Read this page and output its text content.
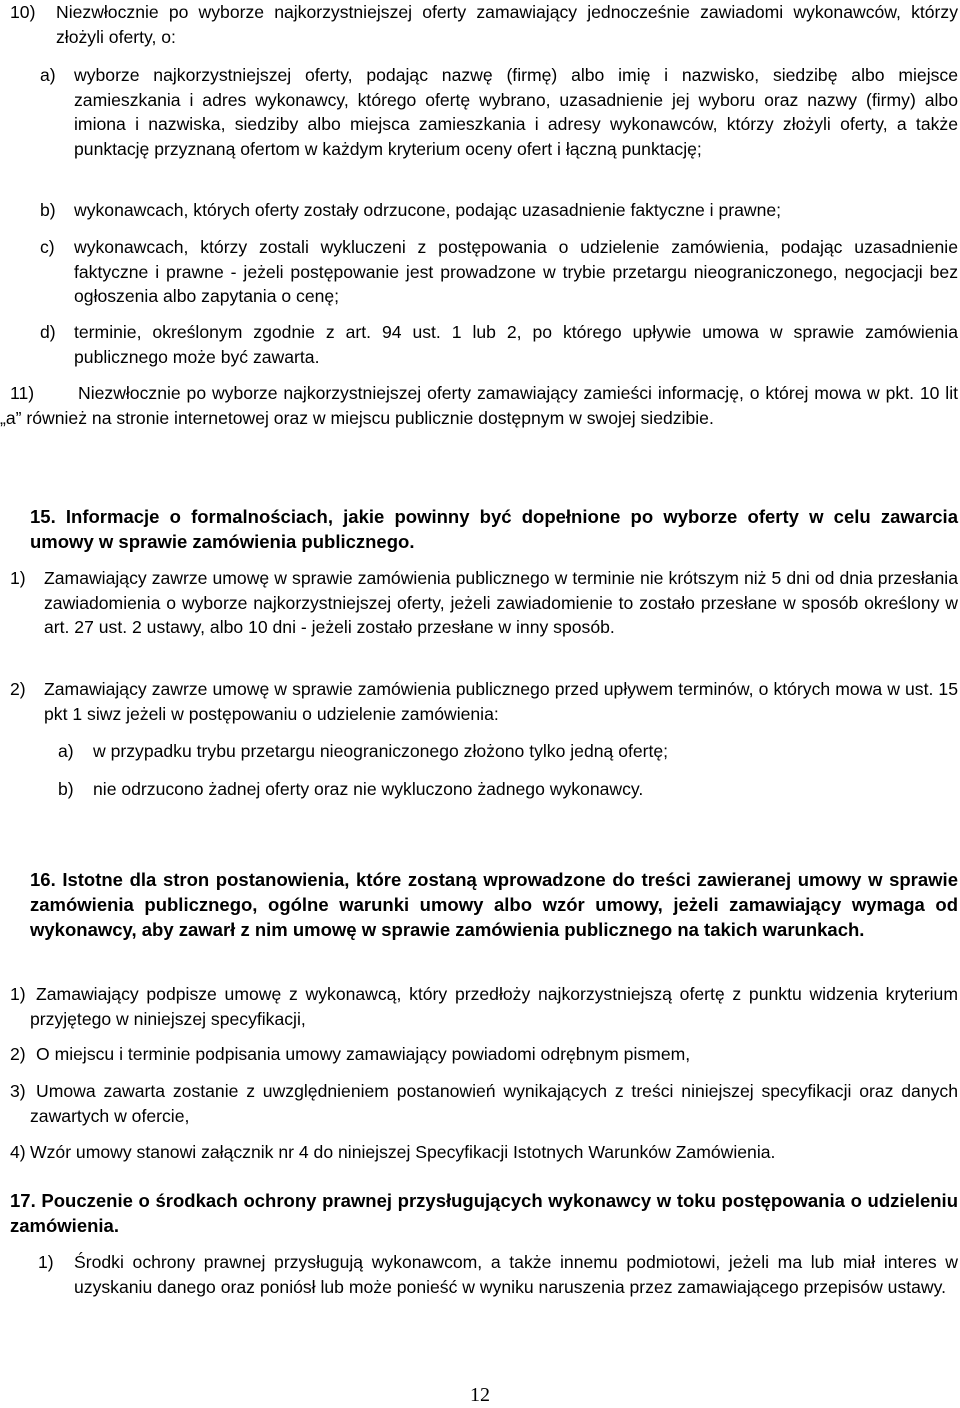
10) Niezwłocznie po wyborze najkorzystniejszej oferty zamawiający jednocześnie zawiadomi wykonawców, którzy złożyli oferty, o:

a) wyborze najkorzystniejszej oferty, podając nazwę (firmę) albo imię i nazwisko, siedzibę albo miejsce zamieszkania i adres wykonawcy, którego ofertę wybrano, uzasadnienie jej wyboru oraz nazwy (firmy) albo imiona i nazwiska, siedziby albo miejsca zamieszkania i adresy wykonawców, którzy złożyli oferty, a także punktację przyznaną ofertom w każdym kryterium oceny ofert i łączną punktację;

b) wykonawcach, których oferty zostały odrzucone, podając uzasadnienie faktyczne i prawne;

c) wykonawcach, którzy zostali wykluczeni z postępowania o udzielenie zamówienia, podając uzasadnienie faktyczne i prawne - jeżeli postępowanie jest prowadzone w trybie przetargu nieograniczonego, negocjacji bez ogłoszenia albo zapytania o cenę;

d) terminie, określonym zgodnie z art. 94 ust. 1 lub 2, po którego upływie umowa w sprawie zamówienia publicznego może być zawarta.

11)	Niezwłocznie po wyborze najkorzystniejszej oferty zamawiający zamieści informację, o której mowa w pkt. 10 lit „a” również na stronie internetowej oraz w miejscu publicznie dostępnym w swojej siedzibie.

15. Informacje o formalnościach, jakie powinny być dopełnione po wyborze oferty w celu zawarcia umowy w sprawie zamówienia publicznego.

1) Zamawiający zawrze umowę w sprawie zamówienia publicznego w terminie nie krótszym niż 5 dni od dnia przesłania zawiadomienia o wyborze najkorzystniejszej oferty, jeżeli zawiadomienie to zostało przesłane w sposób określony w art. 27 ust. 2 ustawy, albo 10 dni - jeżeli zostało przesłane w inny sposób.

2) Zamawiający zawrze umowę w sprawie zamówienia publicznego przed upływem terminów, o których mowa w ust. 15 pkt 1 siwz jeżeli w postępowaniu o udzielenie zamówienia:

a) w przypadku trybu przetargu nieograniczonego złożono tylko jedną ofertę;

b) nie odrzucono żadnej oferty oraz nie wykluczono żadnego wykonawcy.

16. Istotne dla stron postanowienia, które zostaną wprowadzone do treści zawieranej umowy w sprawie zamówienia publicznego, ogólne warunki umowy albo wzór umowy, jeżeli zamawiający wymaga od wykonawcy, aby zawarł z nim umowę w sprawie zamówienia publicznego na takich warunkach.

1) Zamawiający podpisze umowę z wykonawcą, który przedłoży najkorzystniejszą ofertę z punktu widzenia kryterium przyjętego w niniejszej specyfikacji,

2) O miejscu i terminie podpisania umowy zamawiający powiadomi odrębnym pismem,

3) Umowa zawarta zostanie z uwzględnieniem postanowień wynikających z treści niniejszej specyfikacji oraz danych zawartych w ofercie,

4) Wzór umowy stanowi załącznik nr 4 do niniejszej Specyfikacji Istotnych Warunków Zamówienia.

17. Pouczenie o środkach ochrony prawnej przysługujących wykonawcy w toku postępowania o udzieleniu zamówienia.

1) Środki ochrony prawnej przysługują wykonawcom, a także innemu podmiotowi, jeżeli ma lub miał interes w uzyskaniu danego oraz poniósł lub może ponieść w wyniku naruszenia przez zamawiającego przepisów ustawy.

12
